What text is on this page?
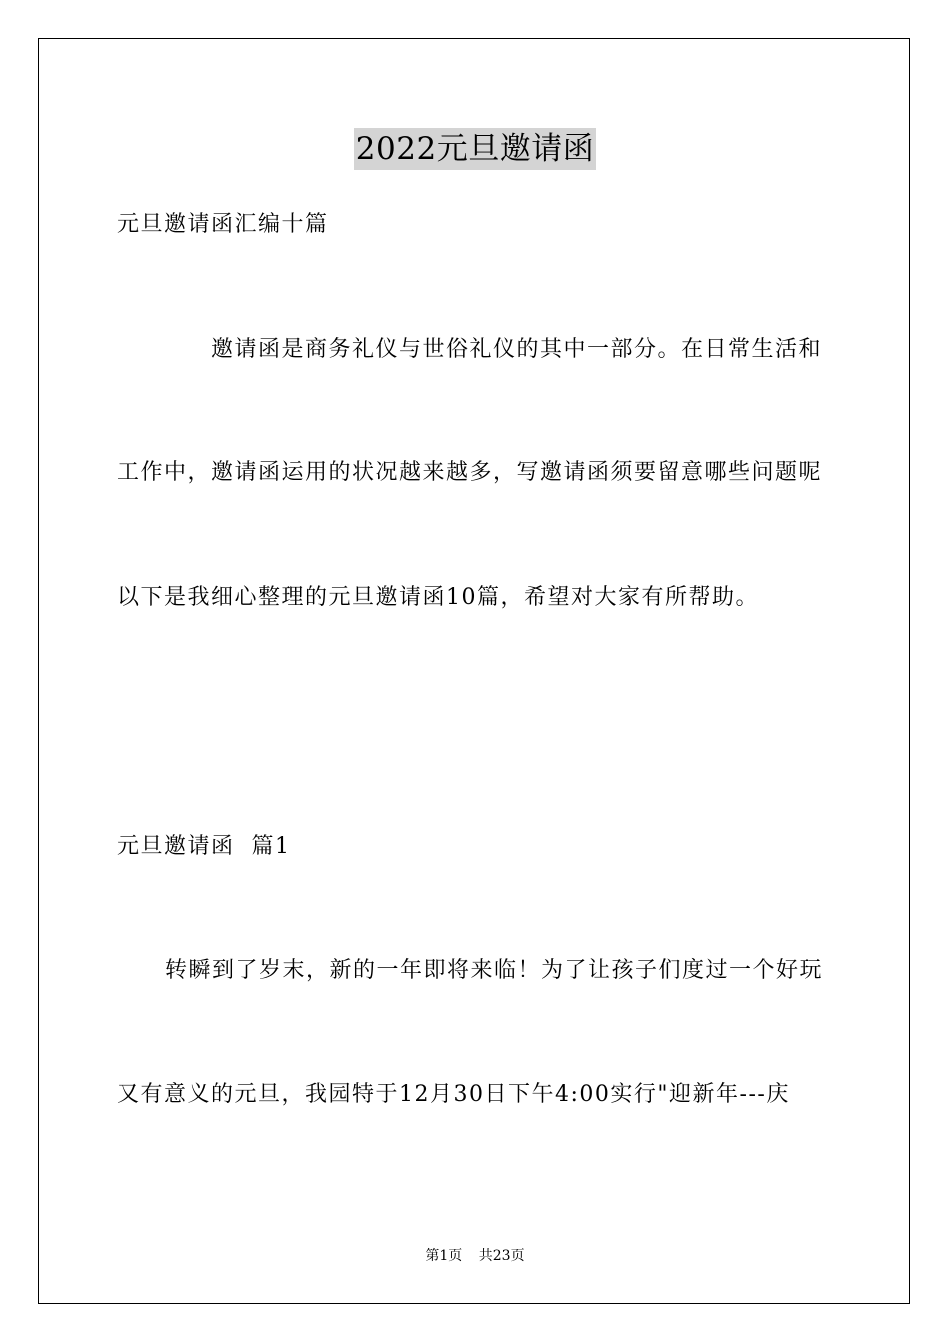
2022元旦邀请函
元旦邀请函汇编十篇
邀请函是商务礼仪与世俗礼仪的其中一部分。在日常生活和
工作中，邀请函运用的状况越来越多，写邀请函须要留意哪些问题呢
以下是我细心整理的元旦邀请函10篇，希望对大家有所帮助。
元旦邀请函  篇1
转瞬到了岁末，新的一年即将来临！为了让孩子们度过一个好玩
又有意义的元旦，我园特于12月30日下午4:00实行"迎新年---庆
第1页 共23页
